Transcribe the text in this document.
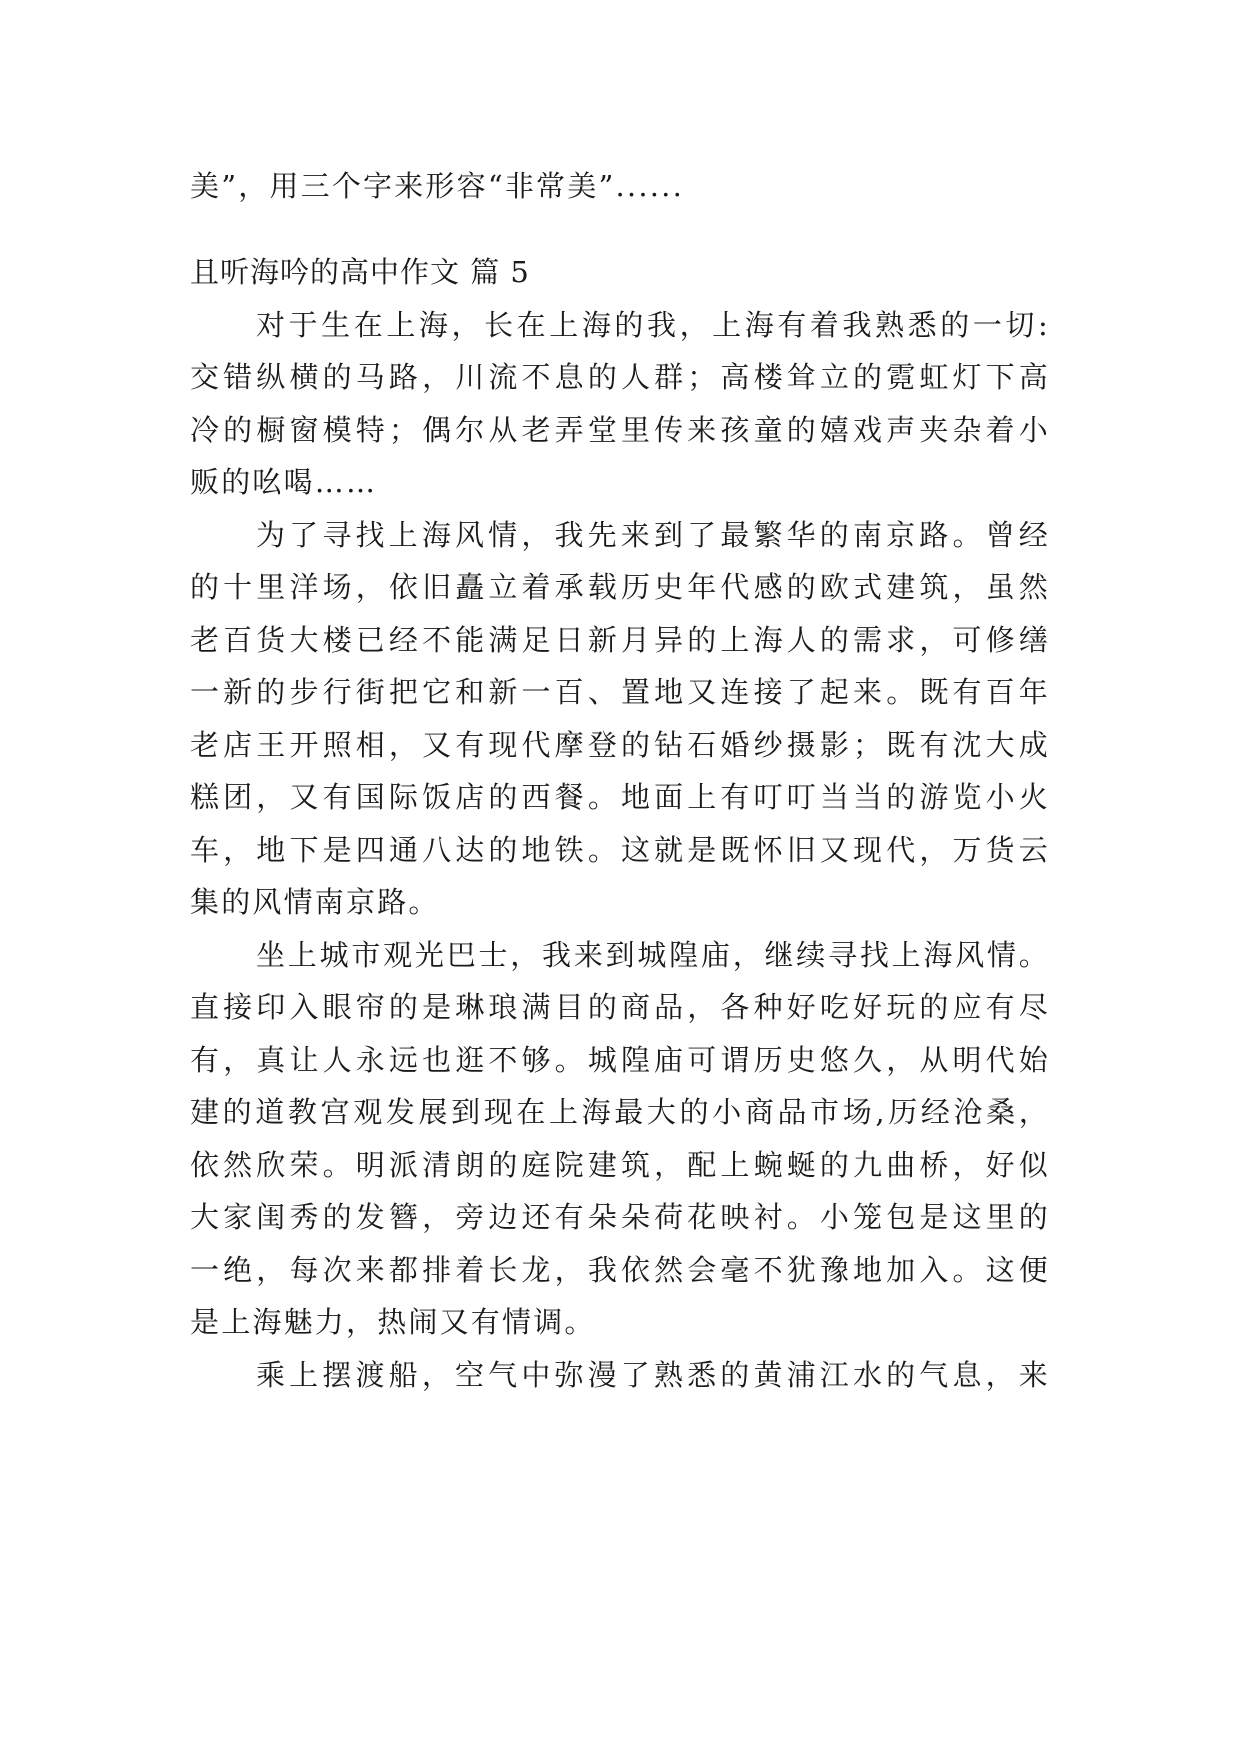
美”，用三个字来形容“非常美”......
且听海吟的高中作文 篇 5
对于生在上海，长在上海的我，上海有着我熟悉的一切:
交错纵横的马路，川流不息的人群；高楼耸立的霓虹灯下高
冷的橱窗模特；偶尔从老弄堂里传来孩童的嬉戏声夹杂着小
贩的吆喝……
为了寻找上海风情，我先来到了最繁华的南京路。曾经
的十里洋场，依旧矗立着承载历史年代感的欧式建筑，虽然
老百货大楼已经不能满足日新月异的上海人的需求，可修缮
一新的步行街把它和新一百、置地又连接了起来。既有百年
老店王开照相，又有现代摩登的钻石婚纱摄影；既有沈大成
糕团，又有国际饭店的西餐。地面上有叮叮当当的游览小火
车，地下是四通八达的地铁。这就是既怀旧又现代，万货云
集的风情南京路。
坐上城市观光巴士，我来到城隍庙，继续寻找上海风情。
直接印入眼帘的是琳琅满目的商品，各种好吃好玩的应有尽
有，真让人永远也逛不够。城隍庙可谓历史悠久，从明代始
建的道教宫观发展到现在上海最大的小商品市场,历经沧桑，
依然欣荣。明派清朗的庭院建筑，配上蜿蜒的九曲桥，好似
大家闺秀的发簪，旁边还有朵朵荷花映衬。小笼包是这里的
一绝，每次来都排着长龙，我依然会毫不犹豫地加入。这便
是上海魅力，热闹又有情调。
乘上摆渡船，空气中弥漫了熟悉的黄浦江水的气息，来
